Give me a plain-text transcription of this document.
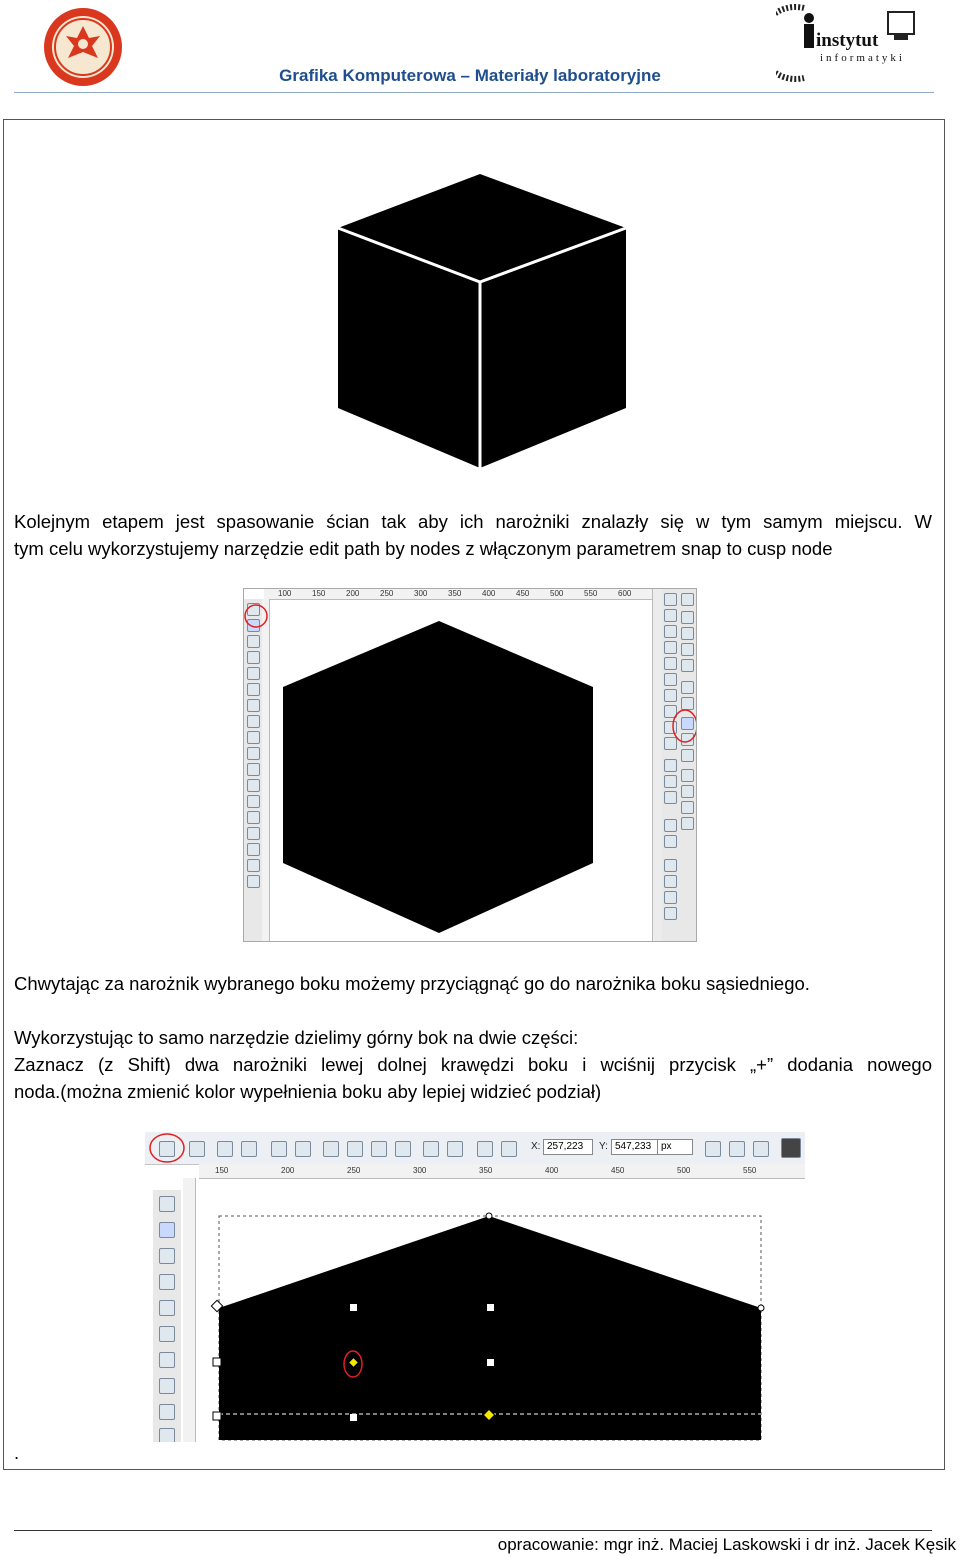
Grafika Komputerowa – Materiały laboratoryjne
instytut
informatyki
Kolejnym etapem jest spasowanie ścian tak aby ich narożniki znalazły się w tym samym miejscu. W
tym celu wykorzystujemy narzędzie edit path by nodes z włączonym parametrem snap to cusp node
100	150	200	250	300	350	400	450	500	550	600
Chwytając za narożnik wybranego boku możemy przyciągnąć go do narożnika boku sąsiedniego.
Wykorzystując to samo narzędzie dzielimy górny bok na dwie części:
Zaznacz (z Shift) dwa narożniki lewej dolnej krawędzi boku i wciśnij przycisk „+” dodania nowego
noda.(można zmienić kolor wypełnienia boku aby lepiej widzieć podział)
X: 257,223	Y: 547,233 px
150	200	250	300	350	400	450	500	550
.
opracowanie: mgr inż. Maciej Laskowski i dr inż. Jacek Kęsik
